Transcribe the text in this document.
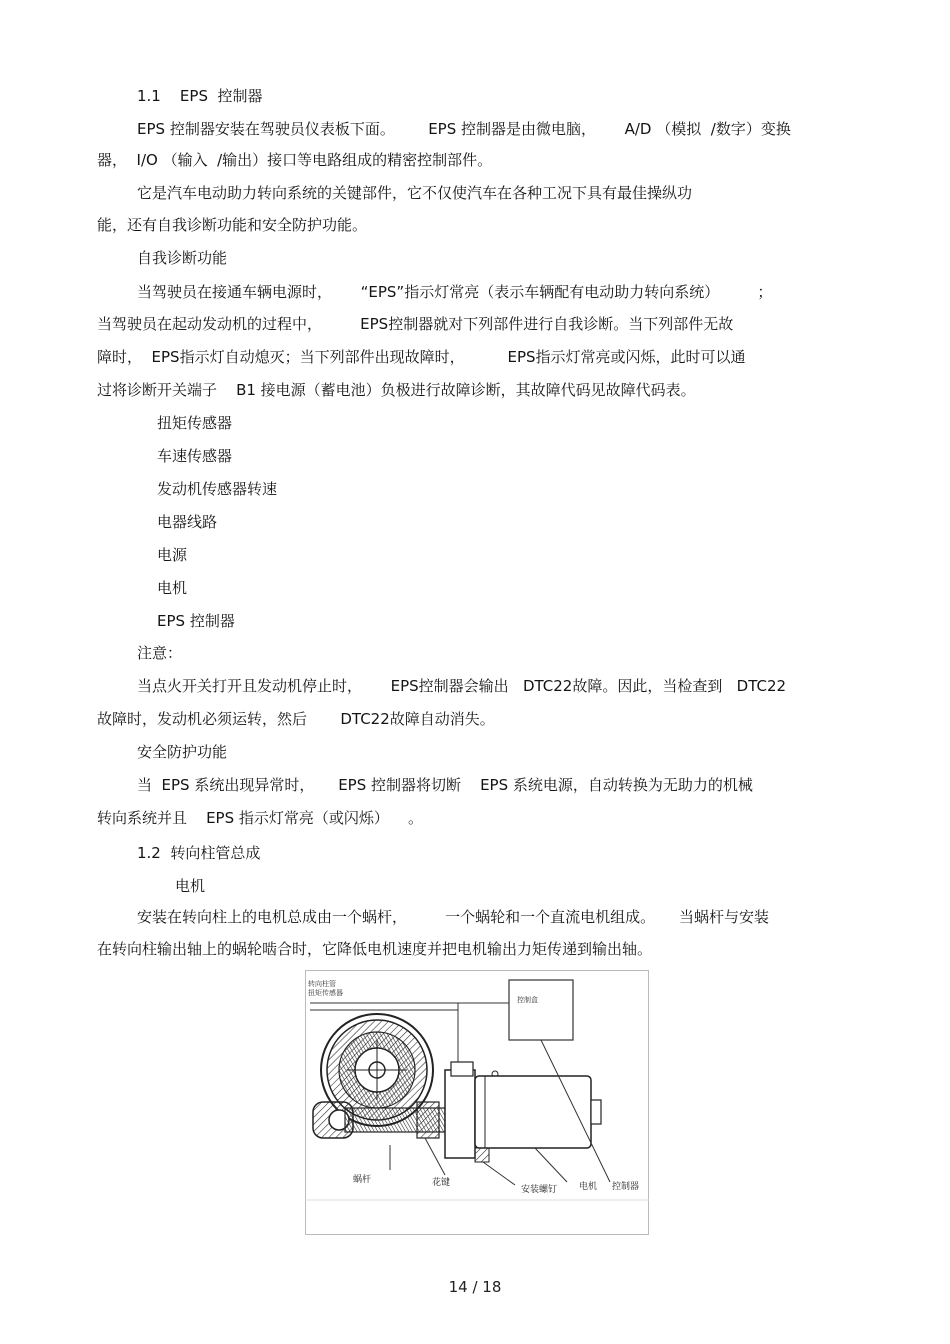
1.1    EPS  控制器
EPS 控制器安装在驾驶员仪表板下面。       EPS 控制器是由微电脑，      A/D （模拟  /数字）变换
器，  I/O （输入  /输出）接口等电路组成的精密控制部件。
它是汽车电动助力转向系统的关键部件，它不仅使汽车在各种工况下具有最佳操纵功
能，还有自我诊断功能和安全防护功能。
自我诊断功能
当驾驶员在接通车辆电源时，      “EPS”指示灯常亮（表示车辆配有电动助力转向系统）        ；
当驾驶员在起动发动机的过程中，        EPS控制器就对下列部件进行自我诊断。当下列部件无故
障时，  EPS指示灯自动熄灭；当下列部件出现故障时，         EPS指示灯常亮或闪烁，此时可以通
过将诊断开关端子    B1 接电源（蓄电池）负极进行故障诊断，其故障代码见故障代码表。
扭矩传感器
车速传感器
发动机传感器转速
电器线路
电源
电机
EPS 控制器
注意：
当点火开关打开且发动机停止时，      EPS控制器会输出   DTC22故障。因此，当检查到   DTC22
故障时，发动机必须运转，然后       DTC22故障自动消失。
安全防护功能
当  EPS 系统出现异常时，     EPS 控制器将切断    EPS 系统电源，自动转换为无助力的机械
转向系统并且    EPS 指示灯常亮（或闪烁）    。
1.2  转向柱管总成
电机
安装在转向柱上的电机总成由一个蜗杆，        一个蜗轮和一个直流电机组成。     当蜗杆与安装
在转向柱输出轴上的蜗轮啮合时，它降低电机速度并把电机输出力矩传递到输出轴。
转向柱管
扭矩传感器
控制盒
蜗杆	花键
安装螺钉 电机 控制器
14 / 18
